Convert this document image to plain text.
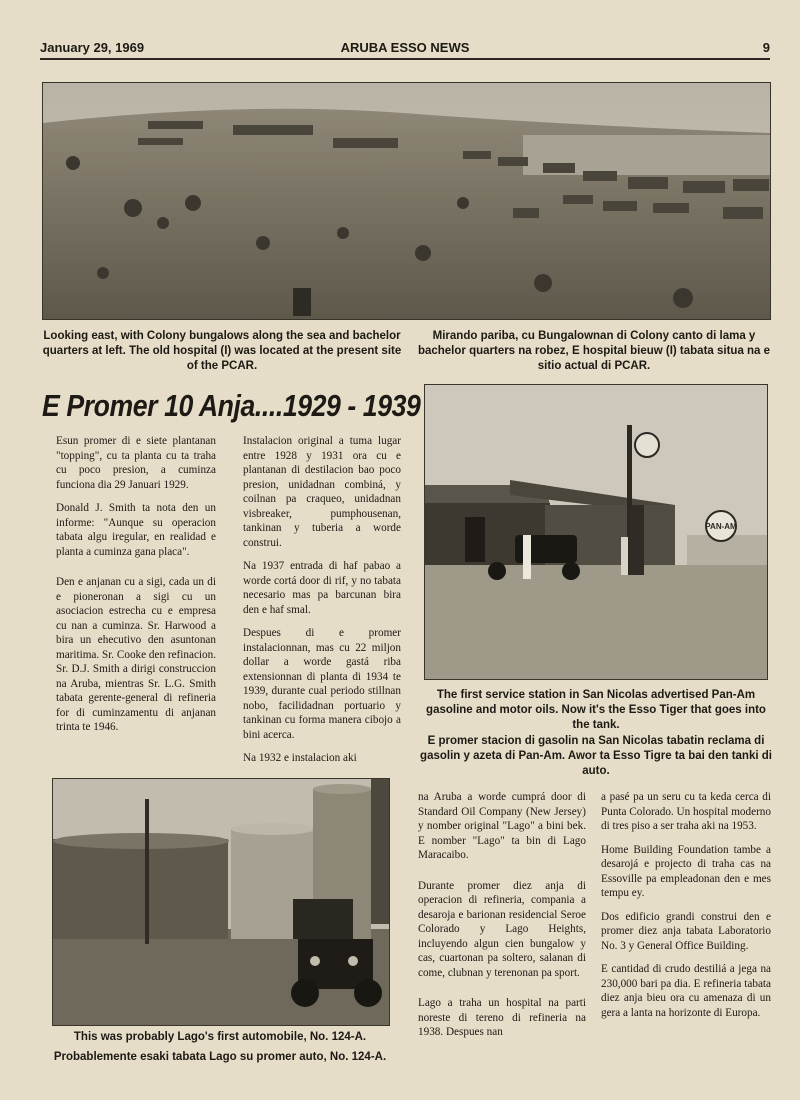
January 29, 1969	ARUBA ESSO NEWS	9
Looking east, with Colony bungalows along the sea and bachelor quarters at left. The old hospital (I) was located at the present site of the PCAR.
Mirando pariba, cu Bungalownan di Colony canto di lama y bachelor quarters na robez, E hospital bieuw (I) tabata situa na e sitio actual di PCAR.
E Promer 10 Anja....1929 - 1939

Esun promer di e siete plantanan "topping", cu ta planta cu ta traha cu poco presion, a cuminza funciona dia 29 Januari 1929.

Donald J. Smith ta nota den un informe: "Aunque su operacion tabata algu iregular, en realidad e planta a cuminza gana placa".

Den e anjanan cu a sigi, cada un di e pioneronan a sigi cu un asociacion estrecha cu e empresa cu nan a cuminza. Sr. Harwood a bira un ehecutivo den asuntonan maritima. Sr. Cooke den refinacion. Sr. D.J. Smith a dirigi construccion na Aruba, mientras Sr. L.G. Smith tabata gerente-general di refineria for di cuminzamentu di anjanan trinta te 1946.

Instalacion original a tuma lugar entre 1928 y 1931 ora cu e plantanan di destilacion bao poco presion, unidadnan combiná, y coilnan pa craqueo, unidadnan visbreaker, pumphousenan, tankinan y tuberia a worde construi.

Na 1937 entrada di haf pabao a worde cortá door di rif, y no tabata necesario mas pa barcunan bira den e haf smal.

Despues di e promer instalacionnan, mas cu 22 miljon dollar a worde gastá riba extensionnan di planta di 1934 te 1939, durante cual periodo stillnan nobo, facilidadnan portuario y tankinan cu forma manera cibojo a bini acerca.

Na 1932 e instalacion aki

PAN-AM
The first service station in San Nicolas advertised Pan-Am gasoline and motor oils. Now it's the Esso Tiger that goes into the tank.
E promer stacion di gasolin na San Nicolas tabatin reclama di gasolin y azeta di Pan-Am. Awor ta Esso Tigre ta bai den tanki di auto.
This was probably Lago's first automobile, No. 124-A.
Probablemente esaki tabata Lago su promer auto, No. 124-A.

na Aruba a worde cumprá door di Standard Oil Company (New Jersey) y nomber original "Lago" a bini bek. E nomber "Lago" ta bin di Lago Maracaibo.

Durante promer diez anja di operacion di refineria, compania a desaroja e barionan residencial Seroe Colorado y Lago Heights, incluyendo algun cien bungalow y cas, cuartonan pa soltero, salanan di come, clubnan y terenonan pa sport.

Lago a traha un hospital na parti noreste di tereno di refineria na 1938. Despues nan

a pasé pa un seru cu ta keda cerca di Punta Colorado. Un hospital moderno di tres piso a ser traha aki na 1953.

Home Building Foundation tambe a desarojá e projecto di traha cas na Essoville pa empleadonan den e mes tempu ey.

Dos edificio grandi construi den e promer diez anja tabata Laboratorio No. 3 y General Office Building.

E cantidad di crudo destiliá a jega na 230,000 bari pa dia. E refineria tabata diez anja bieu ora cu amenaza di un gera a lanta na horizonte di Europa.
